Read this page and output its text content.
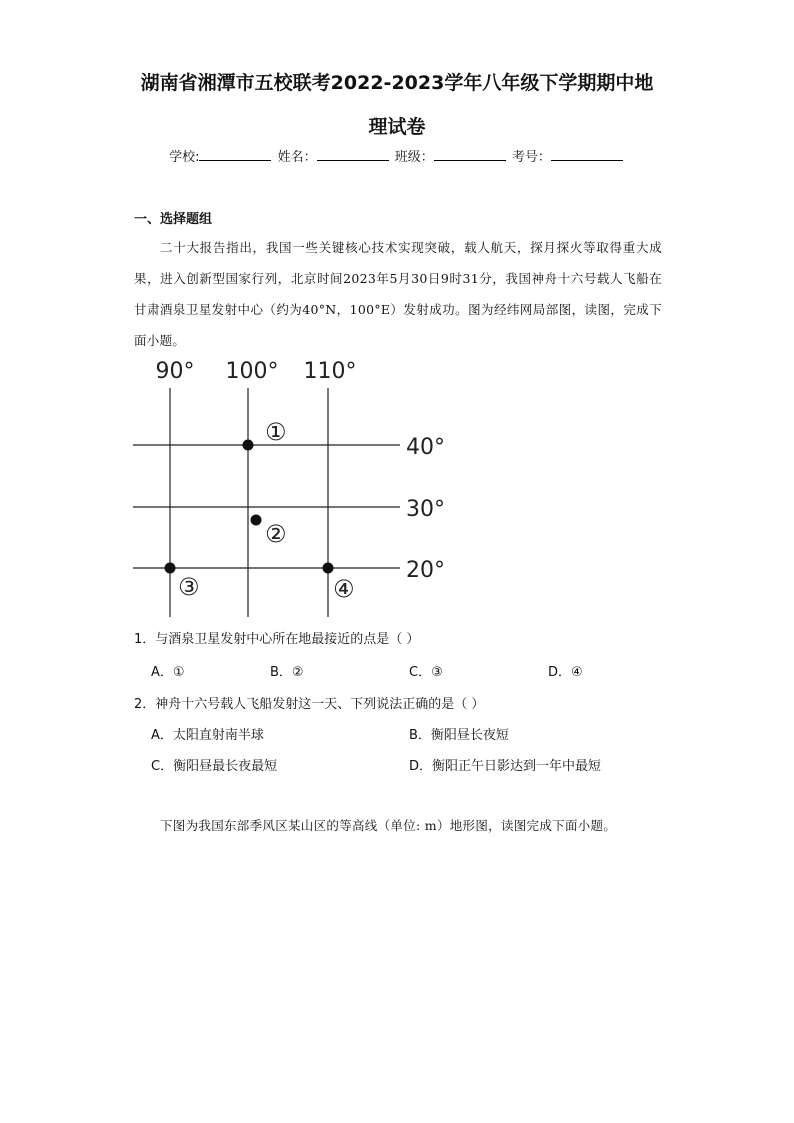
湖南省湘潭市五校联考2022-2023学年八年级下学期期中地
理试卷
学校:	姓名：	班级：	考号：
一、选择题组
二十大报告指出，我国一些关键核心技术实现突破，载人航天，探月探火等取得重大成果，进入创新型国家行列，北京时间2023年5月30日9时31分，我国神舟十六号载人飞船在甘肃酒泉卫星发射中心（约为40°N，100°E）发射成功。图为经纬网局部图，读图，完成下面小题。
90° 100° 110°
40°
30°
20°
①
②
③	④
1．与酒泉卫星发射中心所在地最接近的点是（ ）
A．①	B．②	C．③	D．④
2．神舟十六号载人飞船发射这一天、下列说法正确的是（ ）
A．太阳直射南半球	B．衡阳昼长夜短
C．衡阳昼最长夜最短	D．衡阳正午日影达到一年中最短
下图为我国东部季风区某山区的等高线（单位: m）地形图，读图完成下面小题。
